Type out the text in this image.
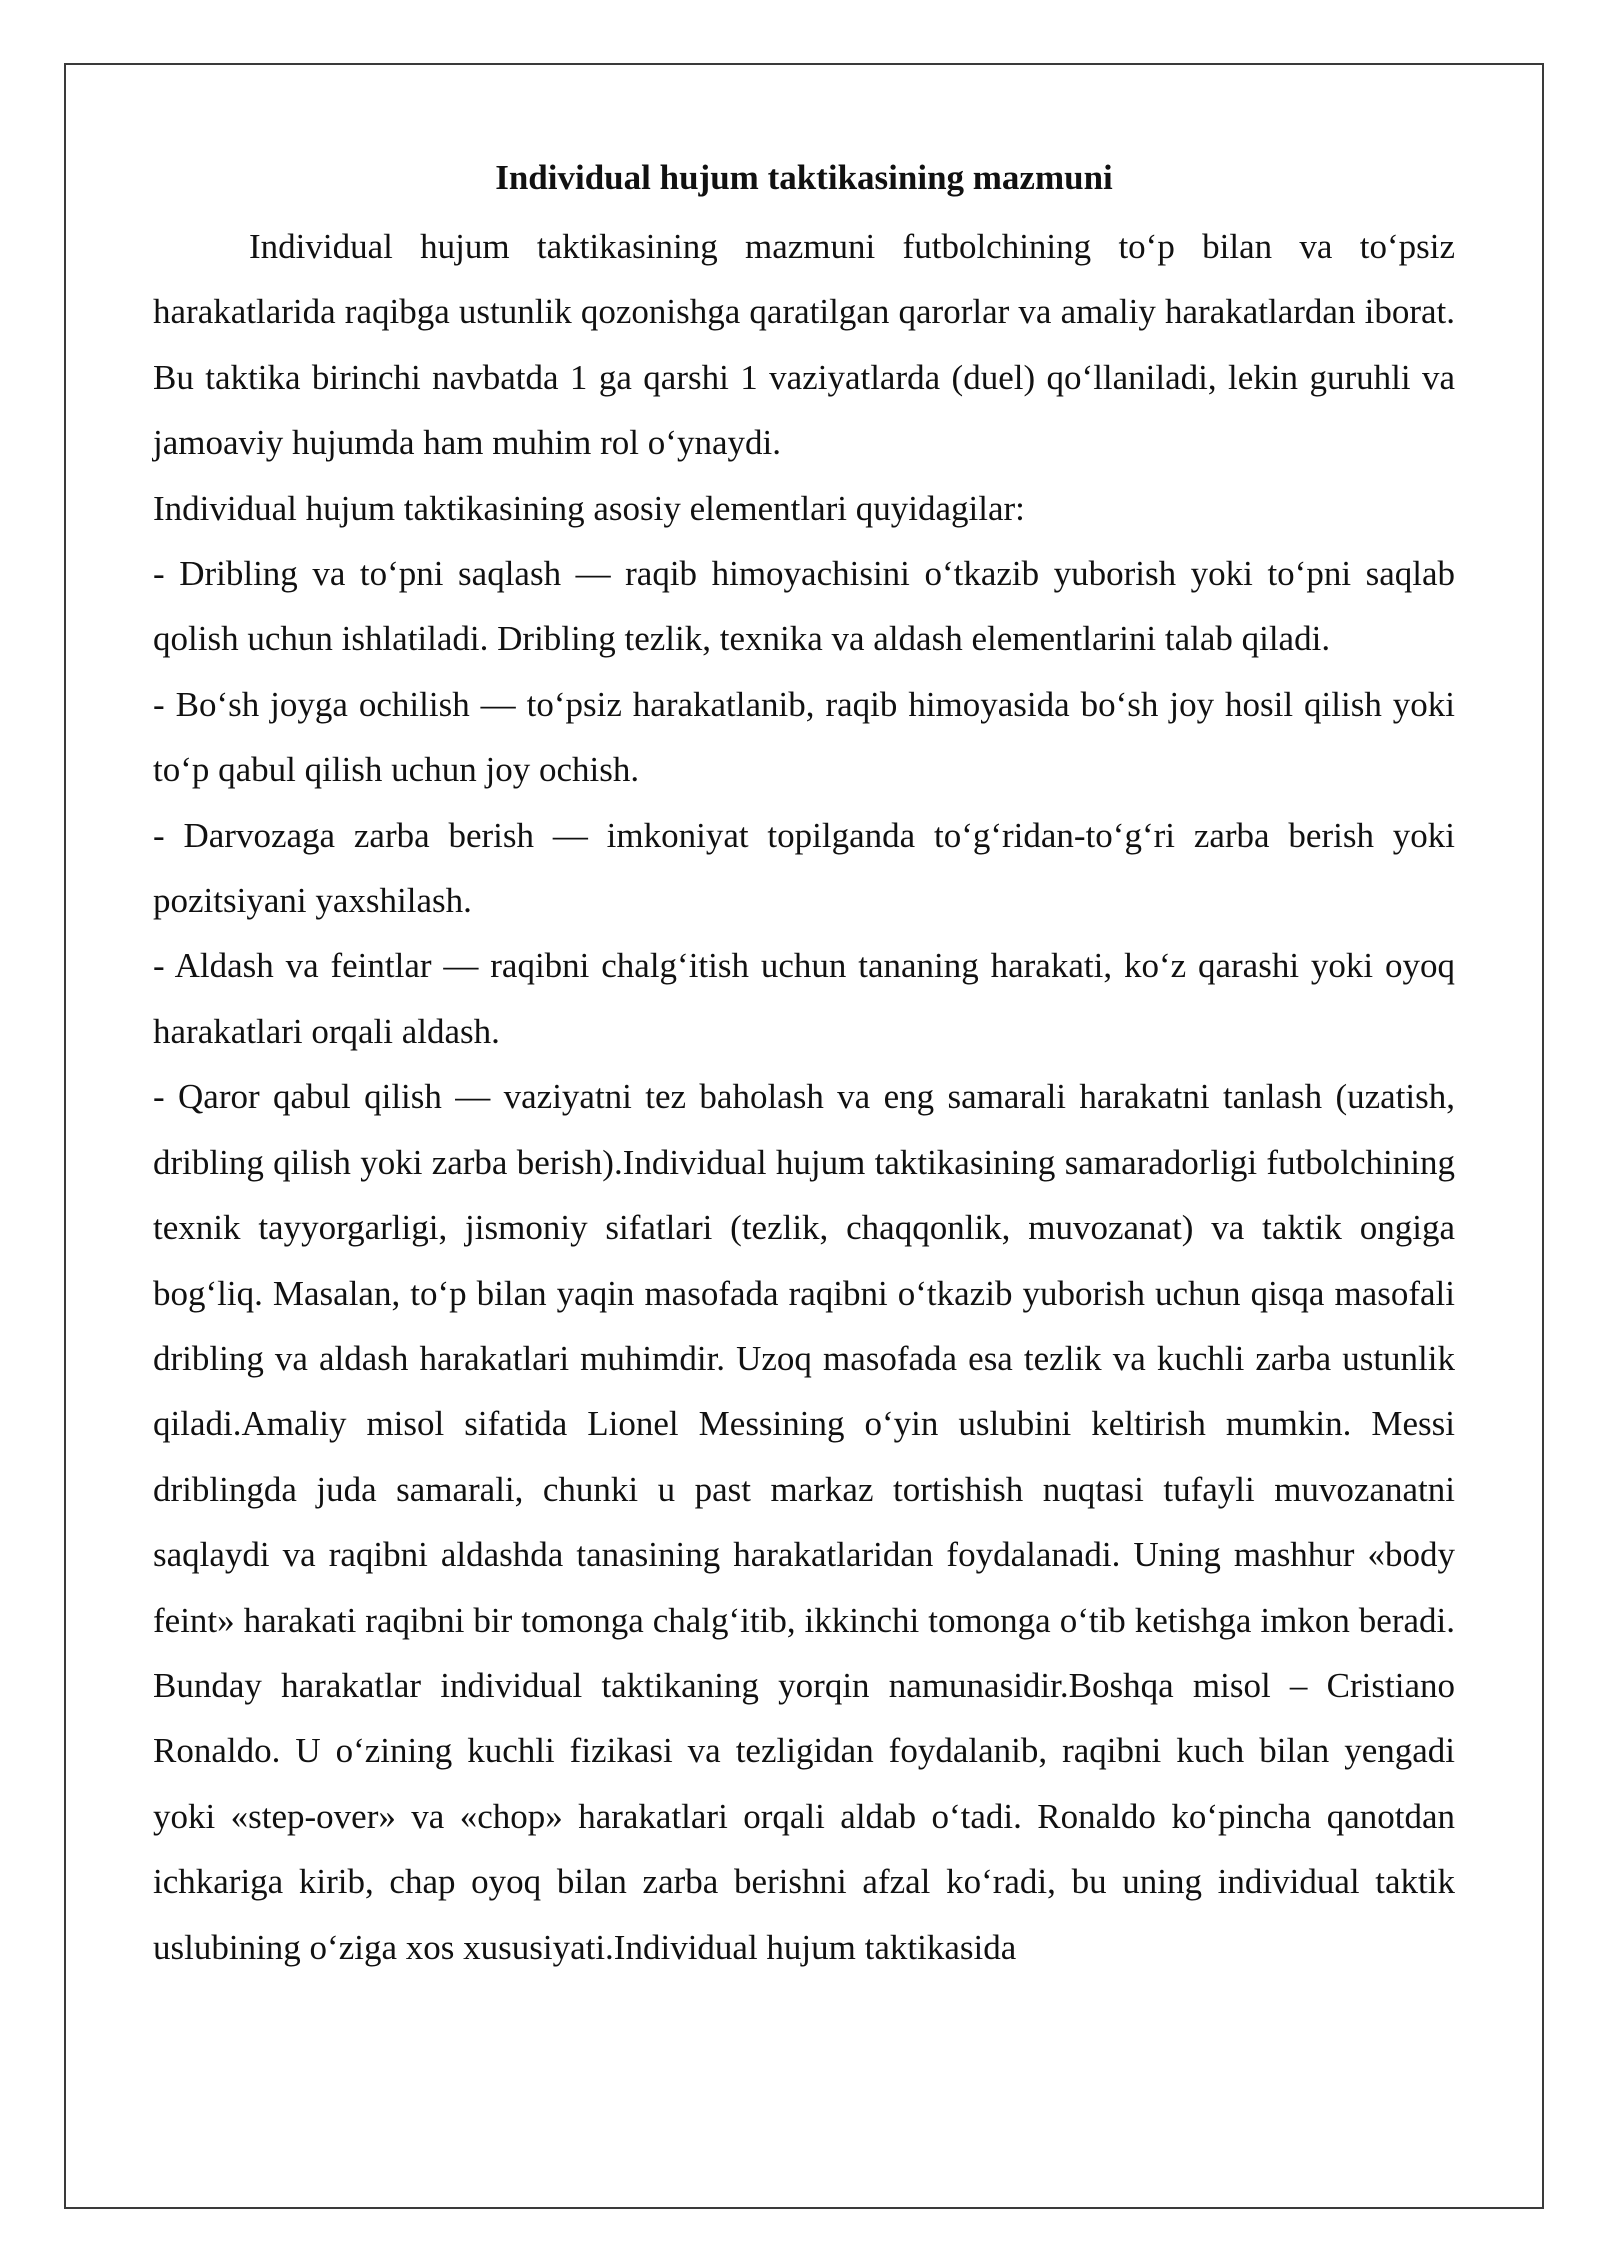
Individual hujum taktikasining mazmuni

Individual hujum taktikasining mazmuni futbolchining to‘p bilan va to‘psiz harakatlarida raqibga ustunlik qozonishga qaratilgan qarorlar va amaliy harakatlardan iborat. Bu taktika birinchi navbatda 1 ga qarshi 1 vaziyatlarda (duel) qo‘llaniladi, lekin guruhli va jamoaviy hujumda ham muhim rol o‘ynaydi.

Individual hujum taktikasining asosiy elementlari quyidagilar:

- Dribling va to‘pni saqlash — raqib himoyachisini o‘tkazib yuborish yoki to‘pni saqlab qolish uchun ishlatiladi. Dribling tezlik, texnika va aldash elementlarini talab qiladi.

- Bo‘sh joyga ochilish — to‘psiz harakatlanib, raqib himoyasida bo‘sh joy hosil qilish yoki to‘p qabul qilish uchun joy ochish.

- Darvozaga zarba berish — imkoniyat topilganda to‘g‘ridan-to‘g‘ri zarba berish yoki pozitsiyani yaxshilash.

- Aldash va feintlar — raqibni chalg‘itish uchun tananing harakati, ko‘z qarashi yoki oyoq harakatlari orqali aldash.

- Qaror qabul qilish — vaziyatni tez baholash va eng samarali harakatni tanlash (uzatish, dribling qilish yoki zarba berish).Individual hujum taktikasining samaradorligi futbolchining texnik tayyorgarligi, jismoniy sifatlari (tezlik, chaqqonlik, muvozanat) va taktik ongiga bog‘liq. Masalan, to‘p bilan yaqin masofada raqibni o‘tkazib yuborish uchun qisqa masofali dribling va aldash harakatlari muhimdir. Uzoq masofada esa tezlik va kuchli zarba ustunlik qiladi.Amaliy misol sifatida Lionel Messining o‘yin uslubini keltirish mumkin. Messi driblingda juda samarali, chunki u past markaz tortishish nuqtasi tufayli muvozanatni saqlaydi va raqibni aldashda tanasining harakatlaridan foydalanadi. Uning mashhur «body feint» harakati raqibni bir tomonga chalg‘itib, ikkinchi tomonga o‘tib ketishga imkon beradi. Bunday harakatlar individual taktikaning yorqin namunasidir.Boshqa misol – Cristiano Ronaldo. U o‘zining kuchli fizikasi va tezligidan foydalanib, raqibni kuch bilan yengadi yoki «step-over» va «chop» harakatlari orqali aldab o‘tadi. Ronaldo ko‘pincha qanotdan ichkariga kirib, chap oyoq bilan zarba berishni afzal ko‘radi, bu uning individual taktik uslubining o‘ziga xos xususiyati.Individual hujum taktikasida
